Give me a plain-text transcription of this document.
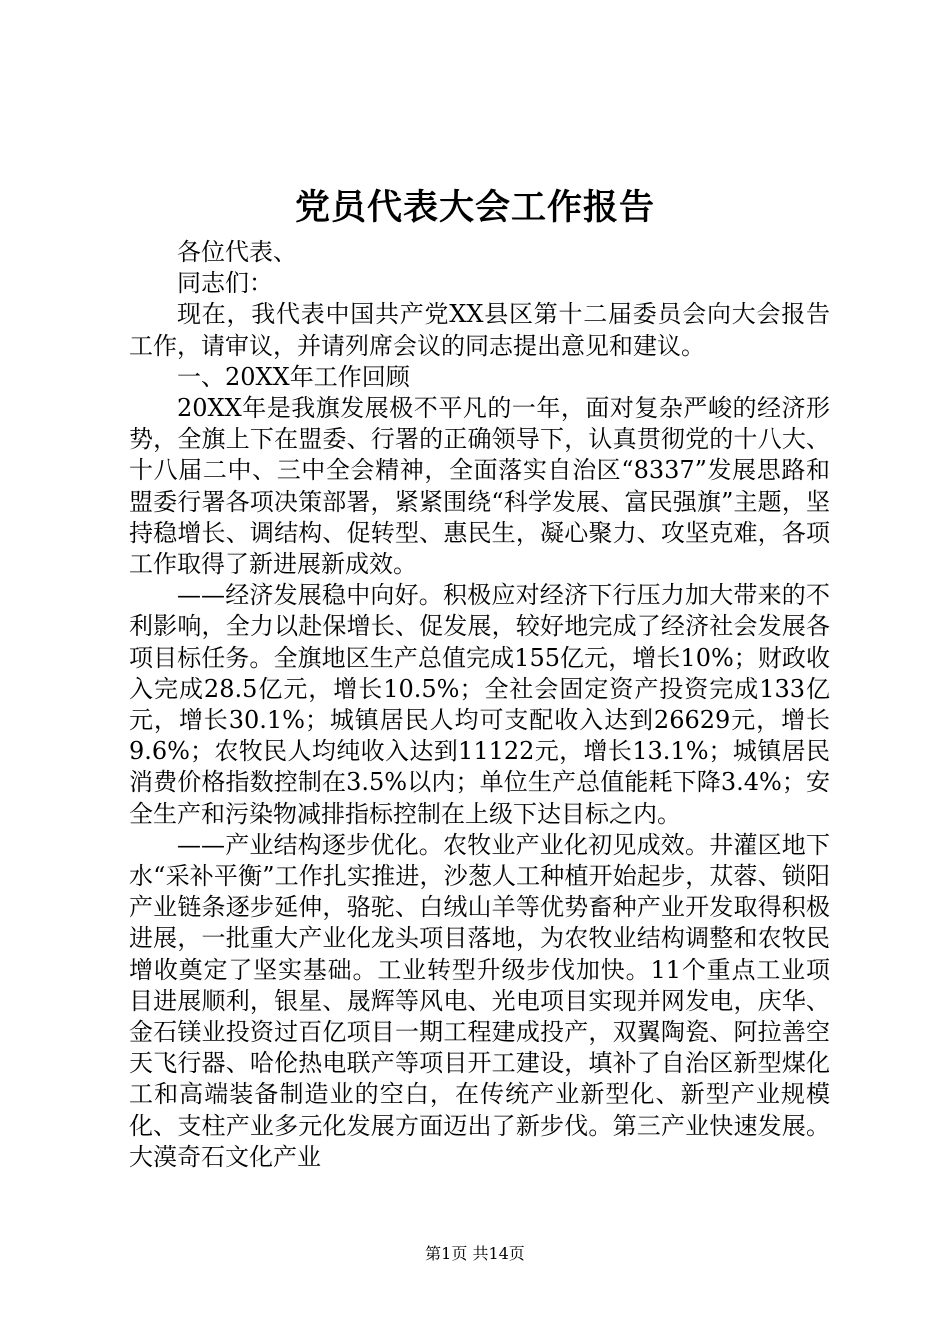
党员代表大会工作报告

各位代表、

同志们：

现在，我代表中国共产党XX县区第十二届委员会向大会报告工作，请审议，并请列席会议的同志提出意见和建议。

一、20XX年工作回顾

20XX年是我旗发展极不平凡的一年，面对复杂严峻的经济形势，全旗上下在盟委、行署的正确领导下，认真贯彻党的十八大、十八届二中、三中全会精神，全面落实自治区“8337”发展思路和盟委行署各项决策部署，紧紧围绕“科学发展、富民强旗”主题，坚持稳增长、调结构、促转型、惠民生，凝心聚力、攻坚克难，各项工作取得了新进展新成效。

——经济发展稳中向好。积极应对经济下行压力加大带来的不利影响，全力以赴保增长、促发展，较好地完成了经济社会发展各项目标任务。全旗地区生产总值完成155亿元，增长10%；财政收入完成28.5亿元，增长10.5%；全社会固定资产投资完成133亿元，增长30.1%；城镇居民人均可支配收入达到26629元，增长9.6%；农牧民人均纯收入达到11122元，增长13.1%；城镇居民消费价格指数控制在3.5%以内；单位生产总值能耗下降3.4%；安全生产和污染物减排指标控制在上级下达目标之内。

——产业结构逐步优化。农牧业产业化初见成效。井灌区地下水“采补平衡”工作扎实推进，沙葱人工种植开始起步，苁蓉、锁阳产业链条逐步延伸，骆驼、白绒山羊等优势畜种产业开发取得积极进展，一批重大产业化龙头项目落地，为农牧业结构调整和农牧民增收奠定了坚实基础。工业转型升级步伐加快。11个重点工业项目进展顺利，银星、晟辉等风电、光电项目实现并网发电，庆华、金石镁业投资过百亿项目一期工程建成投产，双翼陶瓷、阿拉善空天飞行器、哈伦热电联产等项目开工建设，填补了自治区新型煤化工和高端装备制造业的空白，在传统产业新型化、新型产业规模化、支柱产业多元化发展方面迈出了新步伐。第三产业快速发展。大漠奇石文化产业

第1页 共14页
